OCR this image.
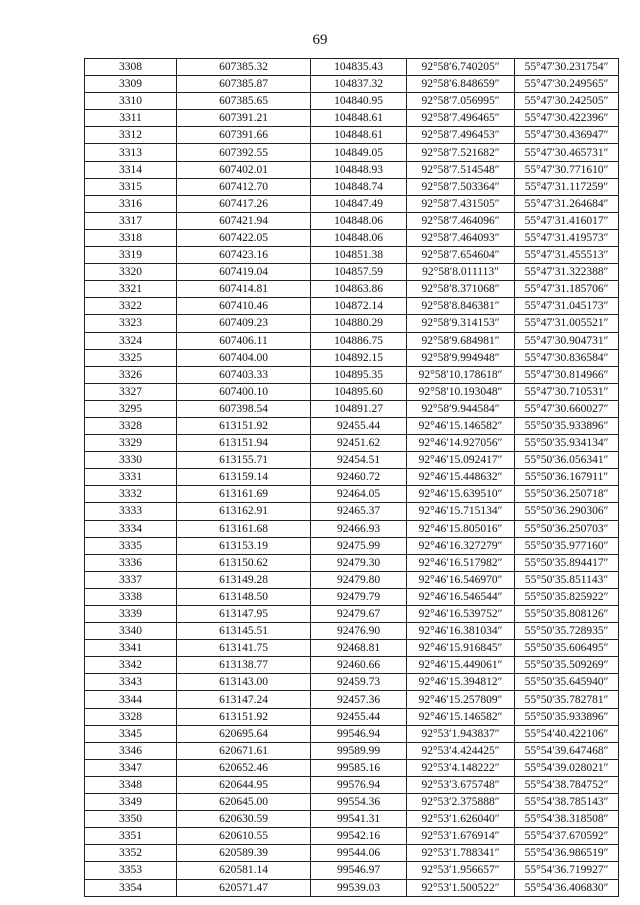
69
3308	607385.32	104835.43	92°58′6.740205″	55°47′30.231754″
3309	607385.87	104837.32	92°58′6.848659″	55°47′30.249565″
3310	607385.65	104840.95	92°58′7.056995″	55°47′30.242505″
3311	607391.21	104848.61	92°58′7.496465″	55°47′30.422396″
3312	607391.66	104848.61	92°58′7.496453″	55°47′30.436947″
3313	607392.55	104849.05	92°58′7.521682″	55°47′30.465731″
3314	607402.01	104848.93	92°58′7.514548″	55°47′30.771610″
3315	607412.70	104848.74	92°58′7.503364″	55°47′31.117259″
3316	607417.26	104847.49	92°58′7.431505″	55°47′31.264684″
3317	607421.94	104848.06	92°58′7.464096″	55°47′31.416017″
3318	607422.05	104848.06	92°58′7.464093″	55°47′31.419573″
3319	607423.16	104851.38	92°58′7.654604″	55°47′31.455513″
3320	607419.04	104857.59	92°58′8.011113″	55°47′31.322388″
3321	607414.81	104863.86	92°58′8.371068″	55°47′31.185706″
3322	607410.46	104872.14	92°58′8.846381″	55°47′31.045173″
3323	607409.23	104880.29	92°58′9.314153″	55°47′31.005521″
3324	607406.11	104886.75	92°58′9.684981″	55°47′30.904731″
3325	607404.00	104892.15	92°58′9.994948″	55°47′30.836584″
3326	607403.33	104895.35	92°58′10.178618″	55°47′30.814966″
3327	607400.10	104895.60	92°58′10.193048″	55°47′30.710531″
3295	607398.54	104891.27	92°58′9.944584″	55°47′30.660027″
3328	613151.92	92455.44	92°46′15.146582″	55°50′35.933896″
3329	613151.94	92451.62	92°46′14.927056″	55°50′35.934134″
3330	613155.71	92454.51	92°46′15.092417″	55°50′36.056341″
3331	613159.14	92460.72	92°46′15.448632″	55°50′36.167911″
3332	613161.69	92464.05	92°46′15.639510″	55°50′36.250718″
3333	613162.91	92465.37	92°46′15.715134″	55°50′36.290306″
3334	613161.68	92466.93	92°46′15.805016″	55°50′36.250703″
3335	613153.19	92475.99	92°46′16.327279″	55°50′35.977160″
3336	613150.62	92479.30	92°46′16.517982″	55°50′35.894417″
3337	613149.28	92479.80	92°46′16.546970″	55°50′35.851143″
3338	613148.50	92479.79	92°46′16.546544″	55°50′35.825922″
3339	613147.95	92479.67	92°46′16.539752″	55°50′35.808126″
3340	613145.51	92476.90	92°46′16.381034″	55°50′35.728935″
3341	613141.75	92468.81	92°46′15.916845″	55°50′35.606495″
3342	613138.77	92460.66	92°46′15.449061″	55°50′35.509269″
3343	613143.00	92459.73	92°46′15.394812″	55°50′35.645940″
3344	613147.24	92457.36	92°46′15.257809″	55°50′35.782781″
3328	613151.92	92455.44	92°46′15.146582″	55°50′35.933896″
3345	620695.64	99546.94	92°53′1.943837″	55°54′40.422106″
3346	620671.61	99589.99	92°53′4.424425″	55°54′39.647468″
3347	620652.46	99585.16	92°53′4.148222″	55°54′39.028021″
3348	620644.95	99576.94	92°53′3.675748″	55°54′38.784752″
3349	620645.00	99554.36	92°53′2.375888″	55°54′38.785143″
3350	620630.59	99541.31	92°53′1.626040″	55°54′38.318508″
3351	620610.55	99542.16	92°53′1.676914″	55°54′37.670592″
3352	620589.39	99544.06	92°53′1.788341″	55°54′36.986519″
3353	620581.14	99546.97	92°53′1.956657″	55°54′36.719927″
3354	620571.47	99539.03	92°53′1.500522″	55°54′36.406830″
